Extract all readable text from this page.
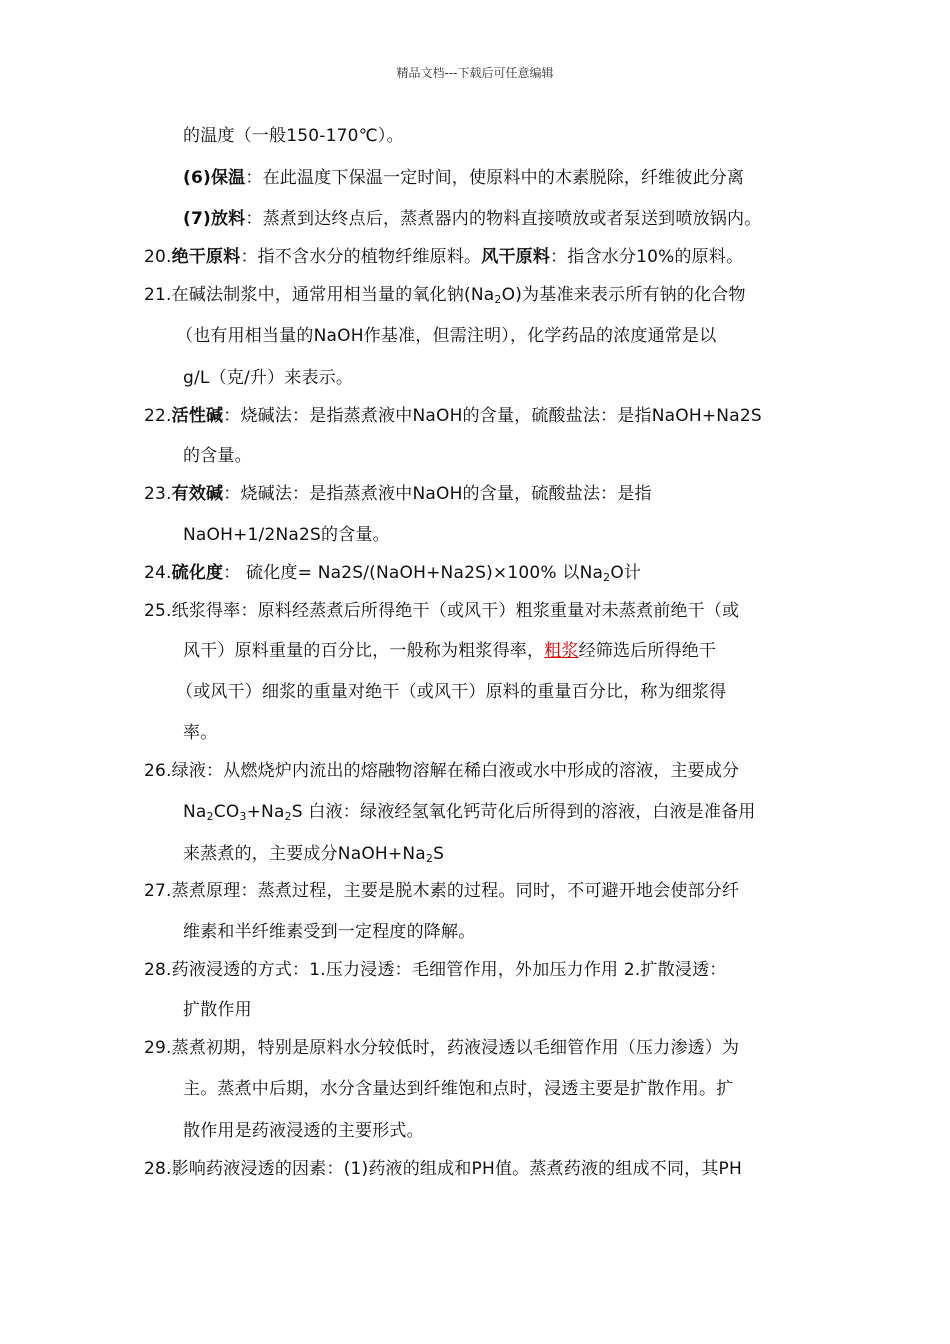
精品文档---下载后可任意编辑
的温度（一般150-170℃）。
(6)保温：在此温度下保温一定时间，使原料中的木素脱除，纤维彼此分离
(7)放料：蒸煮到达终点后，蒸煮器内的物料直接喷放或者泵送到喷放锅内。
20.绝干原料：指不含水分的植物纤维原料。风干原料：指含水分10%的原料。
21.在碱法制浆中，通常用相当量的氧化钠$(Na_2O)$为基准来表示所有钠的化合物
（也有用相当量的NaOH作基准，但需注明），化学药品的浓度通常是以
g/L（克/升）来表示。
22.活性碱：烧碱法：是指蒸煮液中NaOH的含量，硫酸盐法：是指NaOH+Na2S
的含量。
23.有效碱：烧碱法：是指蒸煮液中NaOH的含量，硫酸盐法：是指
NaOH+1/2Na2S的含量。
24.硫化度： 硫化度= Na2S/(NaOH+Na2S)×100% 以$Na_2O$计
25.纸浆得率：原料经蒸煮后所得绝干（或风干）粗浆重量对未蒸煮前绝干（或
风干）原料重量的百分比，一般称为粗浆得率，粗浆经筛选后所得绝干
（或风干）细浆的重量对绝干（或风干）原料的重量百分比，称为细浆得
率。
26.绿液：从燃烧炉内流出的熔融物溶解在稀白液或水中形成的溶液，主要成分
$Na_2CO_3+Na_2S$ 白液：绿液经氢氧化钙苛化后所得到的溶液，白液是准备用
来蒸煮的，主要成分$NaOH+Na_2S$
27.蒸煮原理：蒸煮过程，主要是脱木素的过程。同时，不可避开地会使部分纤
维素和半纤维素受到一定程度的降解。
28.药液浸透的方式：1.压力浸透：毛细管作用，外加压力作用 2.扩散浸透：
扩散作用
29.蒸煮初期，特别是原料水分较低时，药液浸透以毛细管作用（压力渗透）为
主。蒸煮中后期，水分含量达到纤维饱和点时，浸透主要是扩散作用。扩
散作用是药液浸透的主要形式。
28.影响药液浸透的因素：(1)药液的组成和PH值。蒸煮药液的组成不同，其PH
